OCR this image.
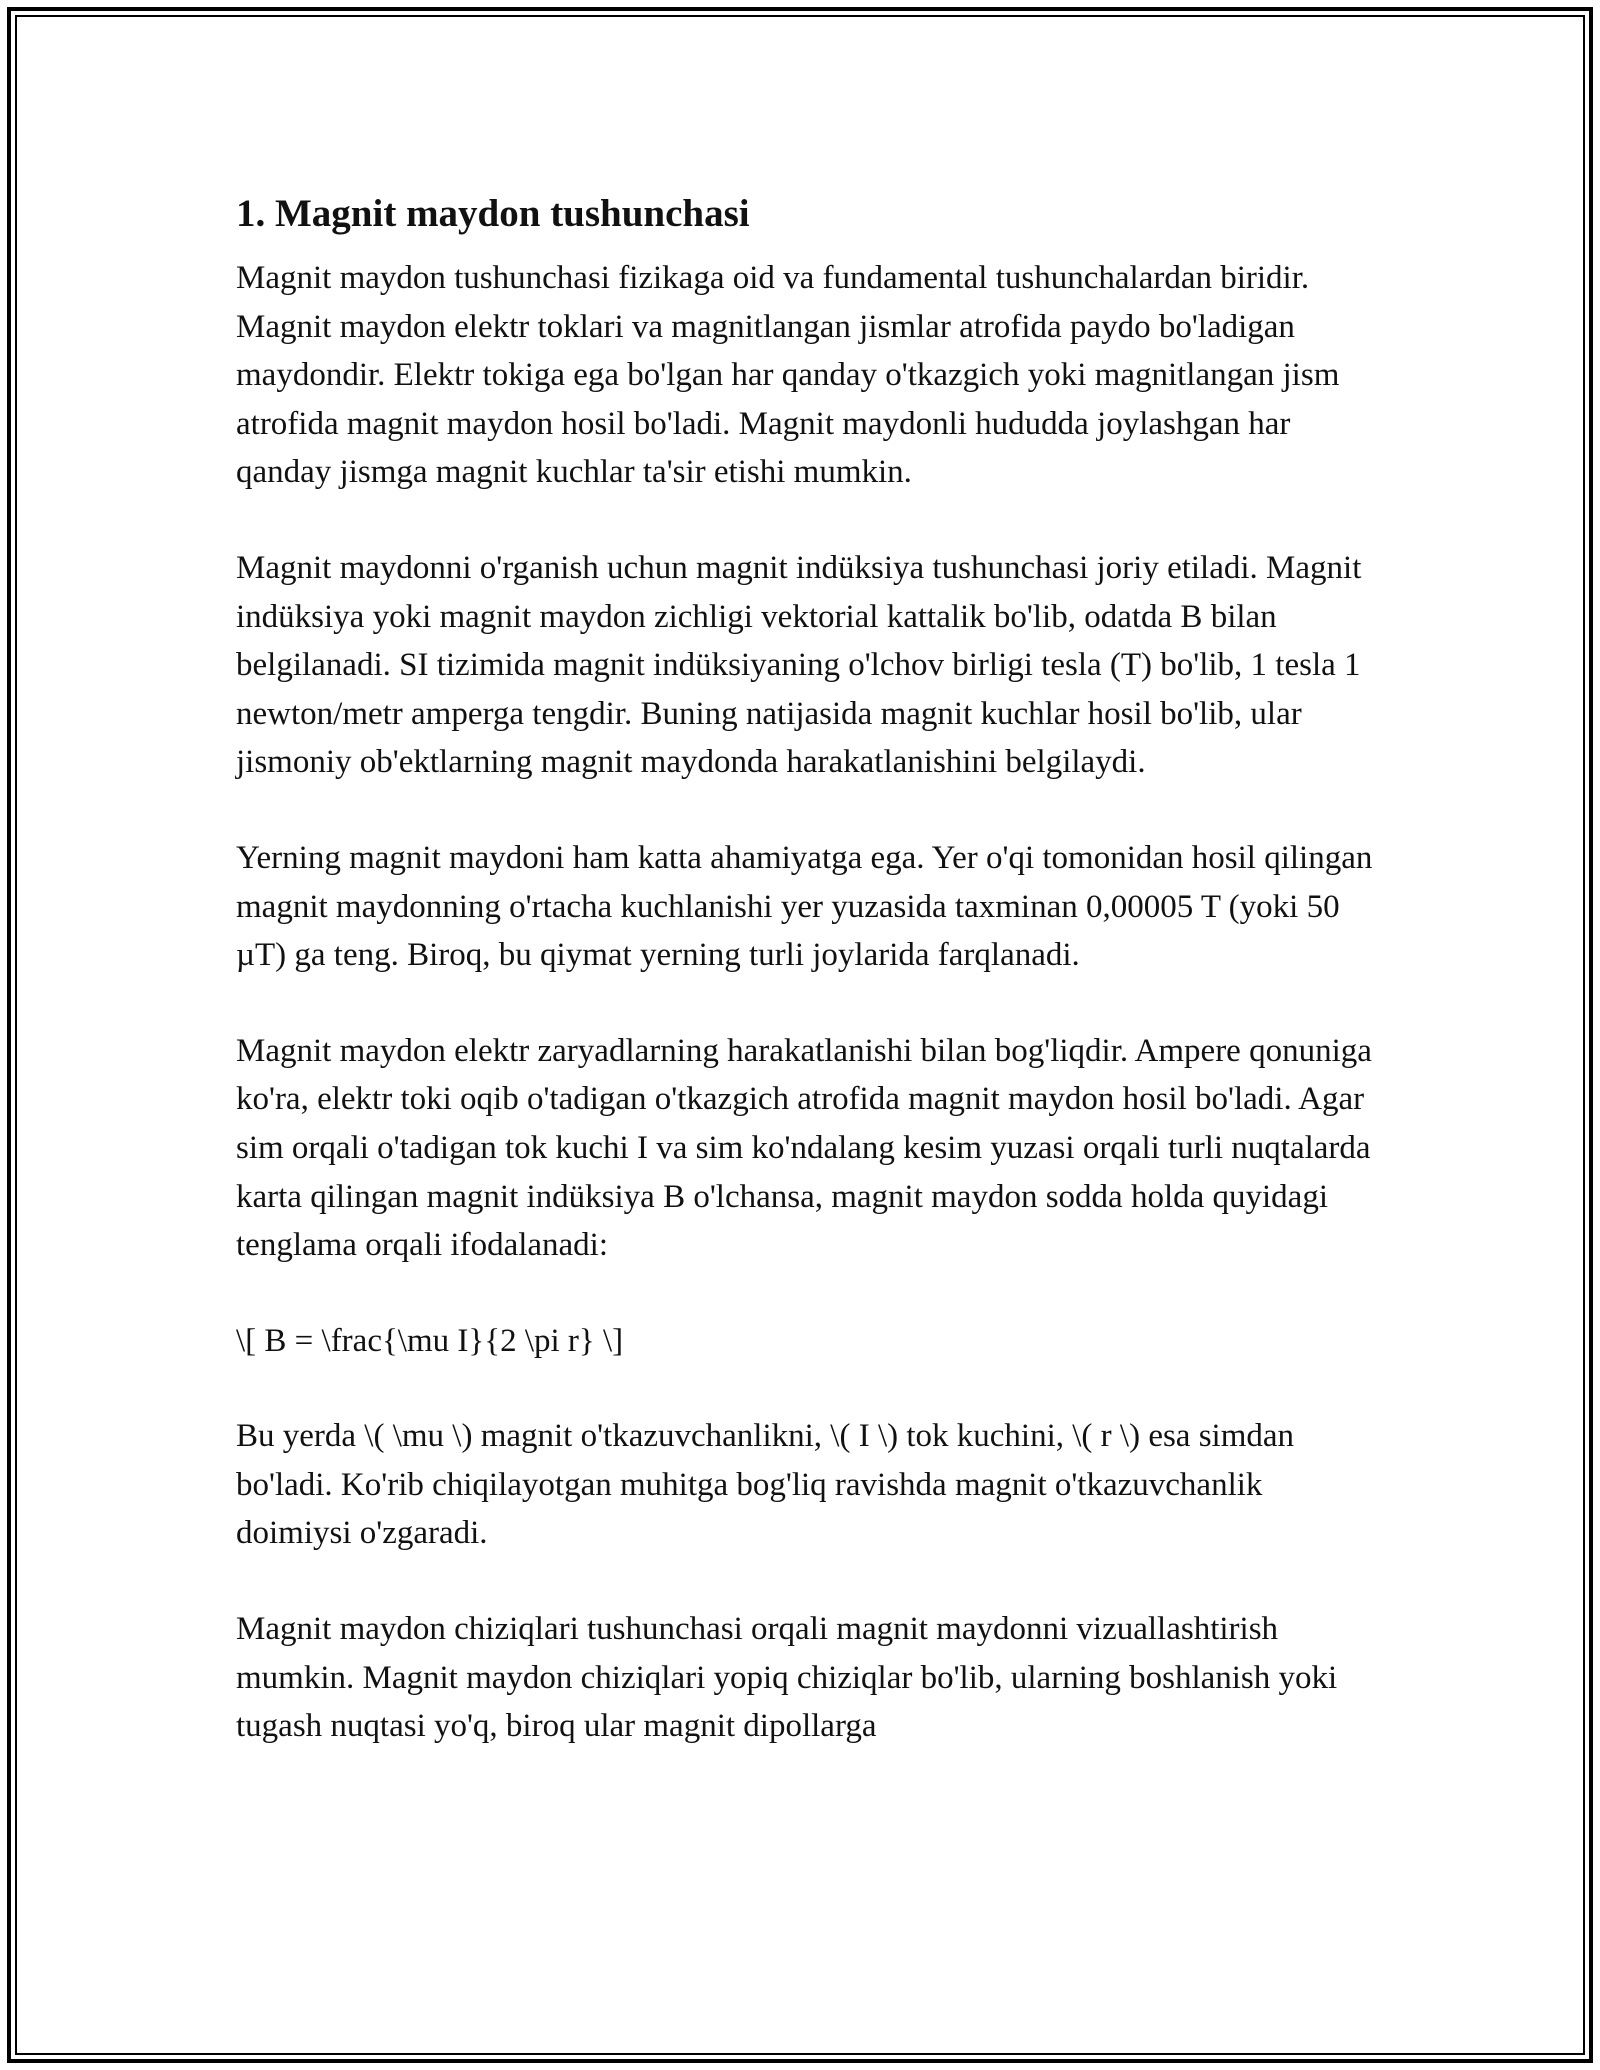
1. Magnit maydon tushunchasi

Magnit maydon tushunchasi fizikaga oid va fundamental tushunchalardan biridir. Magnit maydon elektr toklari va magnitlangan jismlar atrofida paydo bo'ladigan maydondir. Elektr tokiga ega bo'lgan har qanday o'tkazgich yoki magnitlangan jism atrofida magnit maydon hosil bo'ladi. Magnit maydonli hududda joylashgan har qanday jismga magnit kuchlar ta'sir etishi mumkin.

Magnit maydonni o'rganish uchun magnit indüksiya tushunchasi joriy etiladi. Magnit indüksiya yoki magnit maydon zichligi vektorial kattalik bo'lib, odatda B bilan belgilanadi. SI tizimida magnit indüksiyaning o'lchov birligi tesla (T) bo'lib, 1 tesla 1 newton/metr amperga tengdir. Buning natijasida magnit kuchlar hosil bo'lib, ular jismoniy ob'ektlarning magnit maydonda harakatlanishini belgilaydi.

Yerning magnit maydoni ham katta ahamiyatga ega. Yer o'qi tomonidan hosil qilingan magnit maydonning o'rtacha kuchlanishi yer yuzasida taxminan 0,00005 T (yoki 50 µT) ga teng. Biroq, bu qiymat yerning turli joylarida farqlanadi.

Magnit maydon elektr zaryadlarning harakatlanishi bilan bog'liqdir. Ampere qonuniga ko'ra, elektr toki oqib o'tadigan o'tkazgich atrofida magnit maydon hosil bo'ladi. Agar sim orqali o'tadigan tok kuchi I va sim ko'ndalang kesim yuzasi orqali turli nuqtalarda karta qilingan magnit indüksiya B o'lchansa, magnit maydon sodda holda quyidagi tenglama orqali ifodalanadi:

\[ B = \frac{\mu I}{2 \pi r} \]

Bu yerda \( \mu \) magnit o'tkazuvchanlikni, \( I \) tok kuchini, \( r \) esa simdan bo'ladi. Ko'rib chiqilayotgan muhitga bog'liq ravishda magnit o'tkazuvchanlik doimiysi o'zgaradi.

Magnit maydon chiziqlari tushunchasi orqali magnit maydonni vizuallashtirish mumkin. Magnit maydon chiziqlari yopiq chiziqlar bo'lib, ularning boshlanish yoki tugash nuqtasi yo'q, biroq ular magnit dipollarga
